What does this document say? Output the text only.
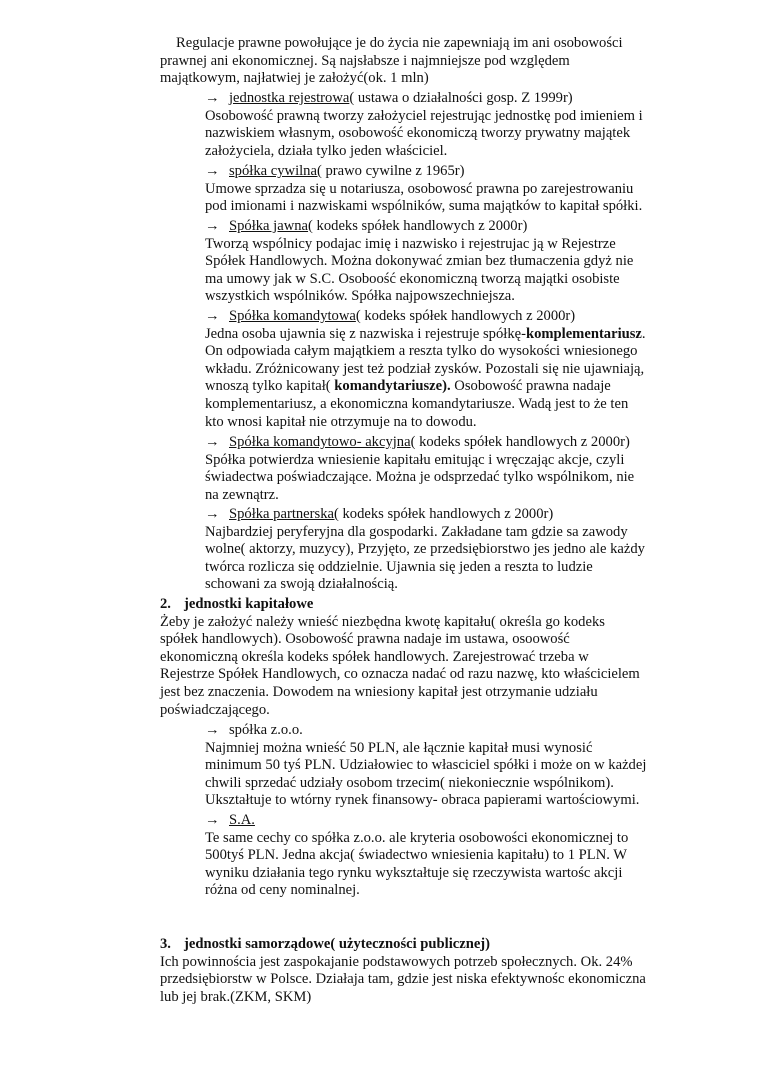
Regulacje prawne powołujące je do życia nie zapewniają im ani osobowości
prawnej ani ekonomicznej. Są najsłabsze i najmniejsze pod względem
majątkowym, najłatwiej je założyć(ok. 1 mln)
→ jednostka rejestrowa( ustawa o działalności gosp. Z 1999r)
Osobowość prawną tworzy założyciel rejestrując jednostkę pod imieniem i
nazwiskiem własnym, osobowość ekonomiczą tworzy prywatny majątek
założyciela, działa tylko jeden właściciel.
→ spółka cywilna( prawo cywilne z 1965r)
Umowe sprzadza się u notariusza, osobowosć prawna po zarejestrowaniu
pod imionami i nazwiskami wspólników, suma majątków to kapitał spółki.
→ Spółka jawna( kodeks spółek handlowych z 2000r)
Tworzą wspólnicy podajac imię i nazwisko i rejestrujac ją w Rejestrze
Spółek Handlowych. Można dokonywać zmian bez tłumaczenia gdyż nie
ma umowy jak w S.C. Osoboość ekonomiczną tworzą majątki osobiste
wszystkich wspólników. Spółka najpowszechniejsza.
→ Spółka komandytowa( kodeks spółek handlowych z 2000r)
Jedna osoba ujawnia się z nazwiska i rejestruje spółkę-komplementariusz.
On odpowiada całym majątkiem a reszta tylko do wysokości wniesionego
wkładu. Zróżnicowany jest też podział zysków. Pozostali się nie ujawniają,
wnoszą tylko kapitał( komandytariusze). Osobowość prawna nadaje
komplementariusz, a ekonomiczna komandytariusze. Wadą jest to że ten
kto wnosi kapitał nie otrzymuje na to dowodu.
→ Spółka komandytowo- akcyjna( kodeks spółek handlowych z 2000r)
Spółka potwierdza wniesienie kapitału emitując i wręczając akcje, czyli
świadectwa poświadczające. Można je odsprzedać tylko wspólnikom, nie
na zewnątrz.
→ Spółka partnerska( kodeks spółek handlowych z 2000r)
Najbardziej peryferyjna dla gospodarki. Zakładane tam gdzie sa zawody
wolne( aktorzy, muzycy), Przyjęto, ze przedsiębiorstwo jes jedno ale każdy
twórca rozlicza się oddzielnie. Ujawnia się jeden a reszta to ludzie
schowani za swoją działalnością.
2. jednostki kapitałowe
Żeby je założyć należy wnieść niezbędna kwotę kapitału( określa go kodeks
spółek handlowych). Osobowość prawna nadaje im ustawa, osoowość
ekonomiczną określa kodeks spółek handlowych. Zarejestrować trzeba w
Rejestrze Spółek Handlowych, co oznacza nadać od razu nazwę, kto właścicielem
jest bez znaczenia. Dowodem na wniesiony kapitał jest otrzymanie udziału
poświadczającego.
→ spółka z.o.o.
Najmniej można wnieść 50 PLN, ale łącznie kapitał musi wynosić
minimum 50 tyś PLN. Udziałowiec to własciciel spółki i może on w każdej
chwili sprzedać udziały osobom trzecim( niekoniecznie wspólnikom).
Ukształtuje to wtórny rynek finansowy- obraca papierami wartościowymi.
→ S.A.
Te same cechy co spółka z.o.o. ale kryteria osobowości ekonomicznej to
500tyś PLN. Jedna akcja( świadectwo wniesienia kapitału) to 1 PLN. W
wyniku działania tego rynku wykształtuje się rzeczywista wartośc akcji
różna od ceny nominalnej.
3. jednostki samorządowe( użyteczności publicznej)
Ich powinnościa jest zaspokajanie podstawowych potrzeb społecznych. Ok. 24%
przedsiębiorstw w Polsce. Działaja tam, gdzie jest niska efektywnośc ekonomiczna
lub jej brak.(ZKM, SKM)
